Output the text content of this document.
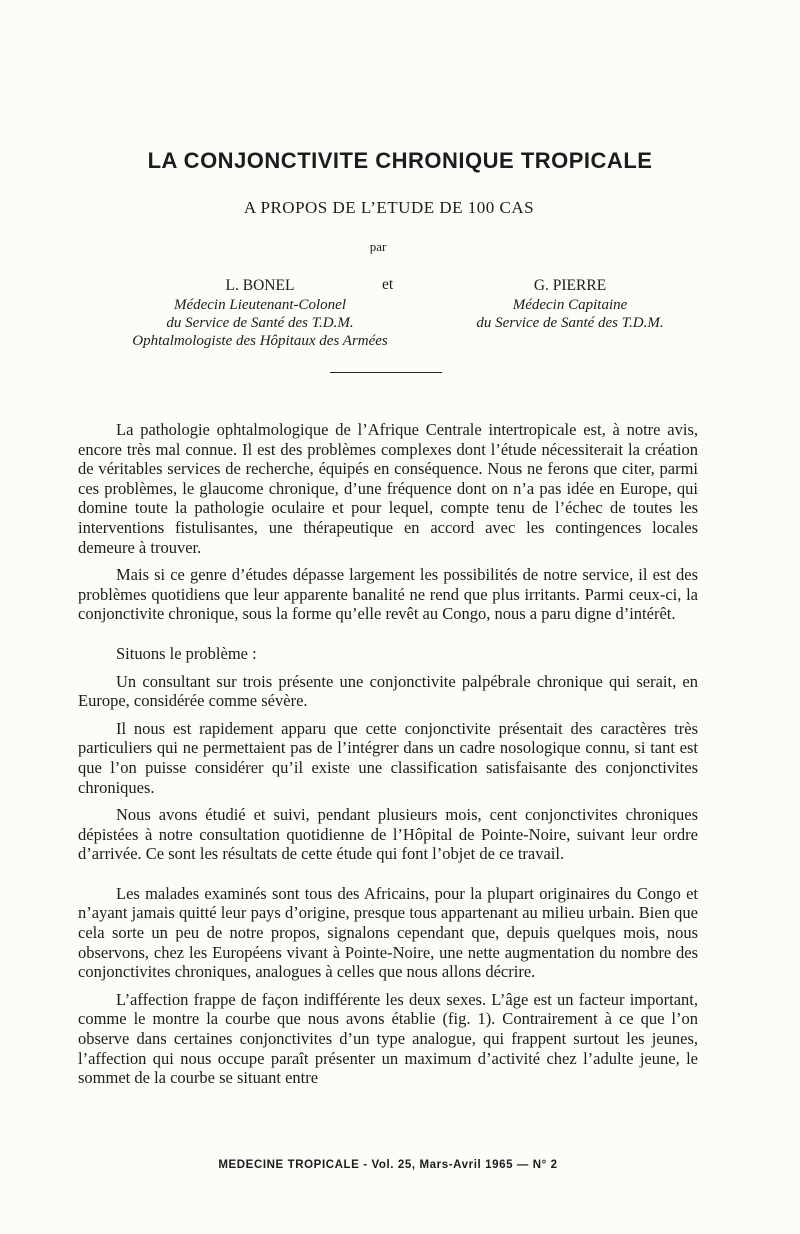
LA CONJONCTIVITE CHRONIQUE TROPICALE
A PROPOS DE L’ETUDE DE 100 CAS
par
L. BONEL
Médecin Lieutenant-Colonel
du Service de Santé des T.D.M.
Ophtalmologiste des Hôpitaux des Armées
et	G. PIERRE
Médecin Capitaine
du Service de Santé des T.D.M.

La pathologie ophtalmologique de l’Afrique Centrale intertropicale est, à notre avis, encore très mal connue. Il est des problèmes complexes dont l’étude nécessiterait la création de véritables services de recherche, équipés en conséquence. Nous ne ferons que citer, parmi ces problèmes, le glaucome chronique, d’une fréquence dont on n’a pas idée en Europe, qui domine toute la pathologie oculaire et pour lequel, compte tenu de l’échec de toutes les interventions fistulisantes, une thérapeutique en accord avec les contingences locales demeure à trouver.

Mais si ce genre d’études dépasse largement les possibilités de notre service, il est des problèmes quotidiens que leur apparente banalité ne rend que plus irritants. Parmi ceux-ci, la conjonctivite chronique, sous la forme qu’elle revêt au Congo, nous a paru digne d’intérêt.

Situons le problème :

Un consultant sur trois présente une conjonctivite palpébrale chronique qui serait, en Europe, considérée comme sévère.

Il nous est rapidement apparu que cette conjonctivite présentait des caractères très particuliers qui ne permettaient pas de l’intégrer dans un cadre nosologique connu, si tant est que l’on puisse considérer qu’il existe une classification satisfaisante des conjonctivites chroniques.

Nous avons étudié et suivi, pendant plusieurs mois, cent conjonctivites chroniques dépistées à notre consultation quotidienne de l’Hôpital de Pointe-Noire, suivant leur ordre d’arrivée. Ce sont les résultats de cette étude qui font l’objet de ce travail.

Les malades examinés sont tous des Africains, pour la plupart originaires du Congo et n’ayant jamais quitté leur pays d’origine, presque tous appartenant au milieu urbain. Bien que cela sorte un peu de notre propos, signalons cependant que, depuis quelques mois, nous observons, chez les Européens vivant à Pointe-Noire, une nette augmentation du nombre des conjonctivites chroniques, analogues à celles que nous allons décrire.

L’affection frappe de façon indifférente les deux sexes. L’âge est un facteur important, comme le montre la courbe que nous avons établie (fig. 1). Contrairement à ce que l’on observe dans certaines conjonctivites d’un type analogue, qui frappent surtout les jeunes, l’affection qui nous occupe paraît présenter un maximum d’activité chez l’adulte jeune, le sommet de la courbe se situant entre

MEDECINE TROPICALE - Vol. 25, Mars-Avril 1965 — N° 2
